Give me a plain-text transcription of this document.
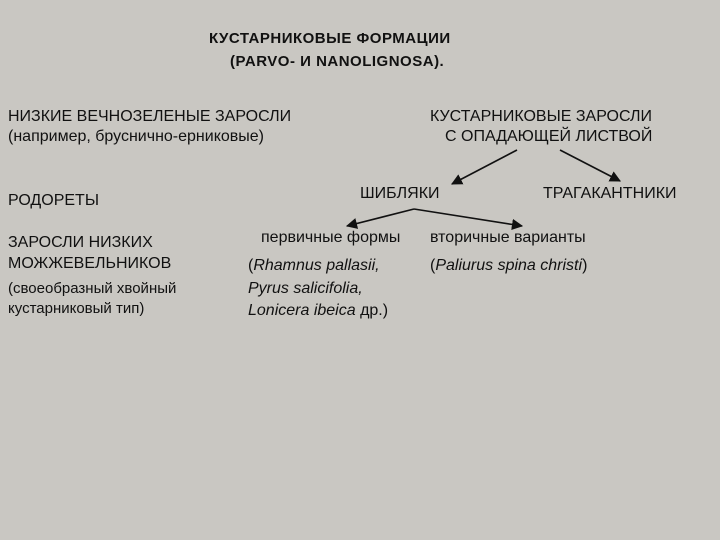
КУСТАРНИКОВЫЕ ФОРМАЦИИ
(PARVO- И NANOLIGNOSA).
НИЗКИЕ ВЕЧНОЗЕЛЕНЫЕ ЗАРОСЛИ
(например, бруснично-ерниковые)
РОДОРЕТЫ
ЗАРОСЛИ НИЗКИХ
МОЖЖЕВЕЛЬНИКОВ
(своеобразный хвойный
кустарниковый тип)
КУСТАРНИКОВЫЕ ЗАРОСЛИ
С ОПАДАЮЩЕЙ ЛИСТВОЙ
ШИБЛЯКИ	ТРАГАКАНТНИКИ
первичные формы
(Rhamnus pallasii,
Pyrus salicifolia,
Lonicera ibeica др.)
вторичные варианты
(Paliurus spina christi)
